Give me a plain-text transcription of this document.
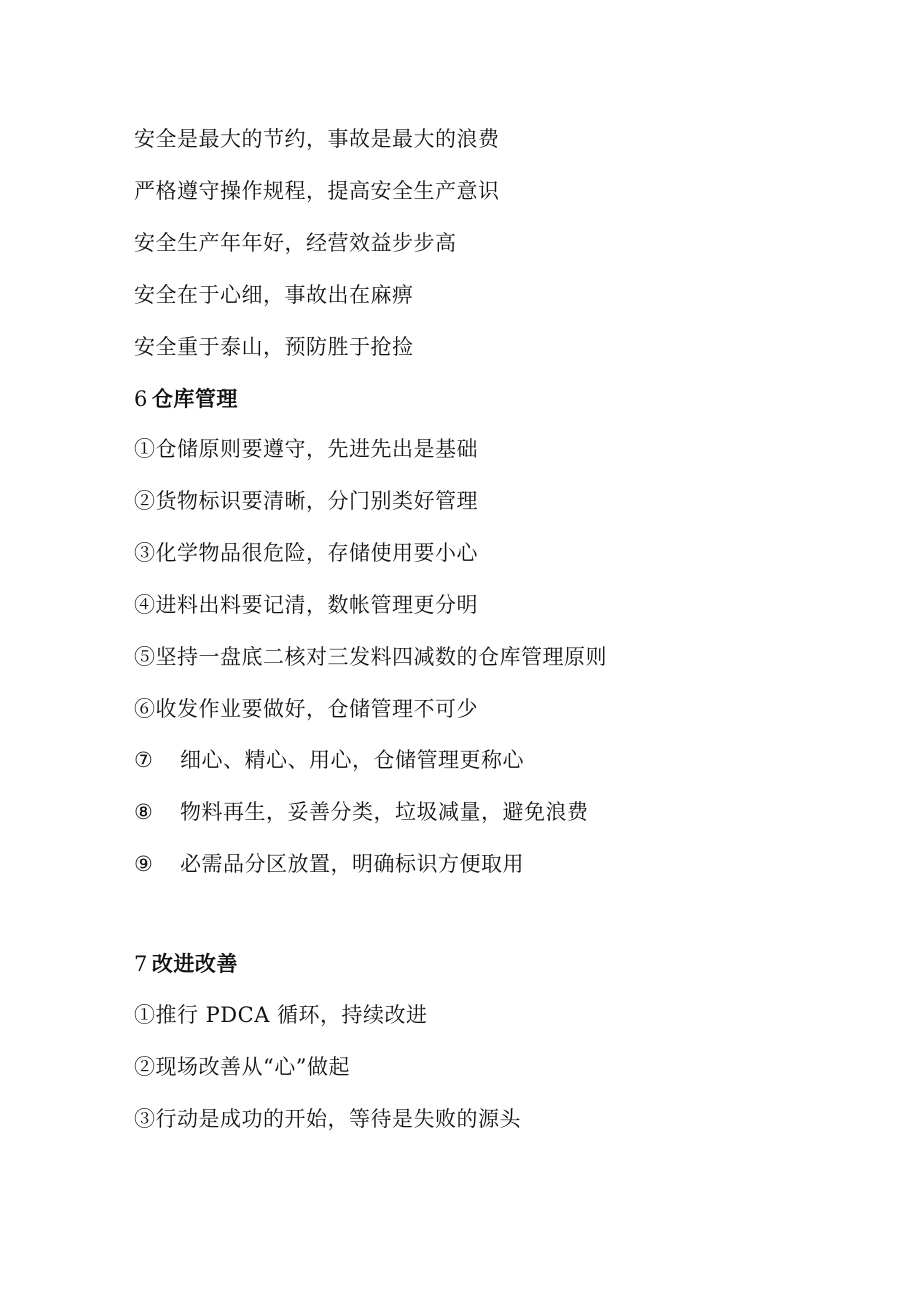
安全是最大的节约，事故是最大的浪费
严格遵守操作规程，提高安全生产意识
安全生产年年好，经营效益步步高
安全在于心细，事故出在麻痹
安全重于泰山，预防胜于抢捡
6 仓库管理
①仓储原则要遵守，先进先出是基础
②货物标识要清晰，分门别类好管理
③化学物品很危险，存储使用要小心
④进料出料要记清，数帐管理更分明
⑤坚持一盘底二核对三发料四减数的仓库管理原则
⑥收发作业要做好，仓储管理不可少
⑦ 细心、精心、用心，仓储管理更称心
⑧ 物料再生，妥善分类，垃圾减量，避免浪费
⑨ 必需品分区放置，明确标识方便取用
7 改进改善
①推行 PDCA 循环，持续改进
②现场改善从“心”做起
③行动是成功的开始，等待是失败的源头
